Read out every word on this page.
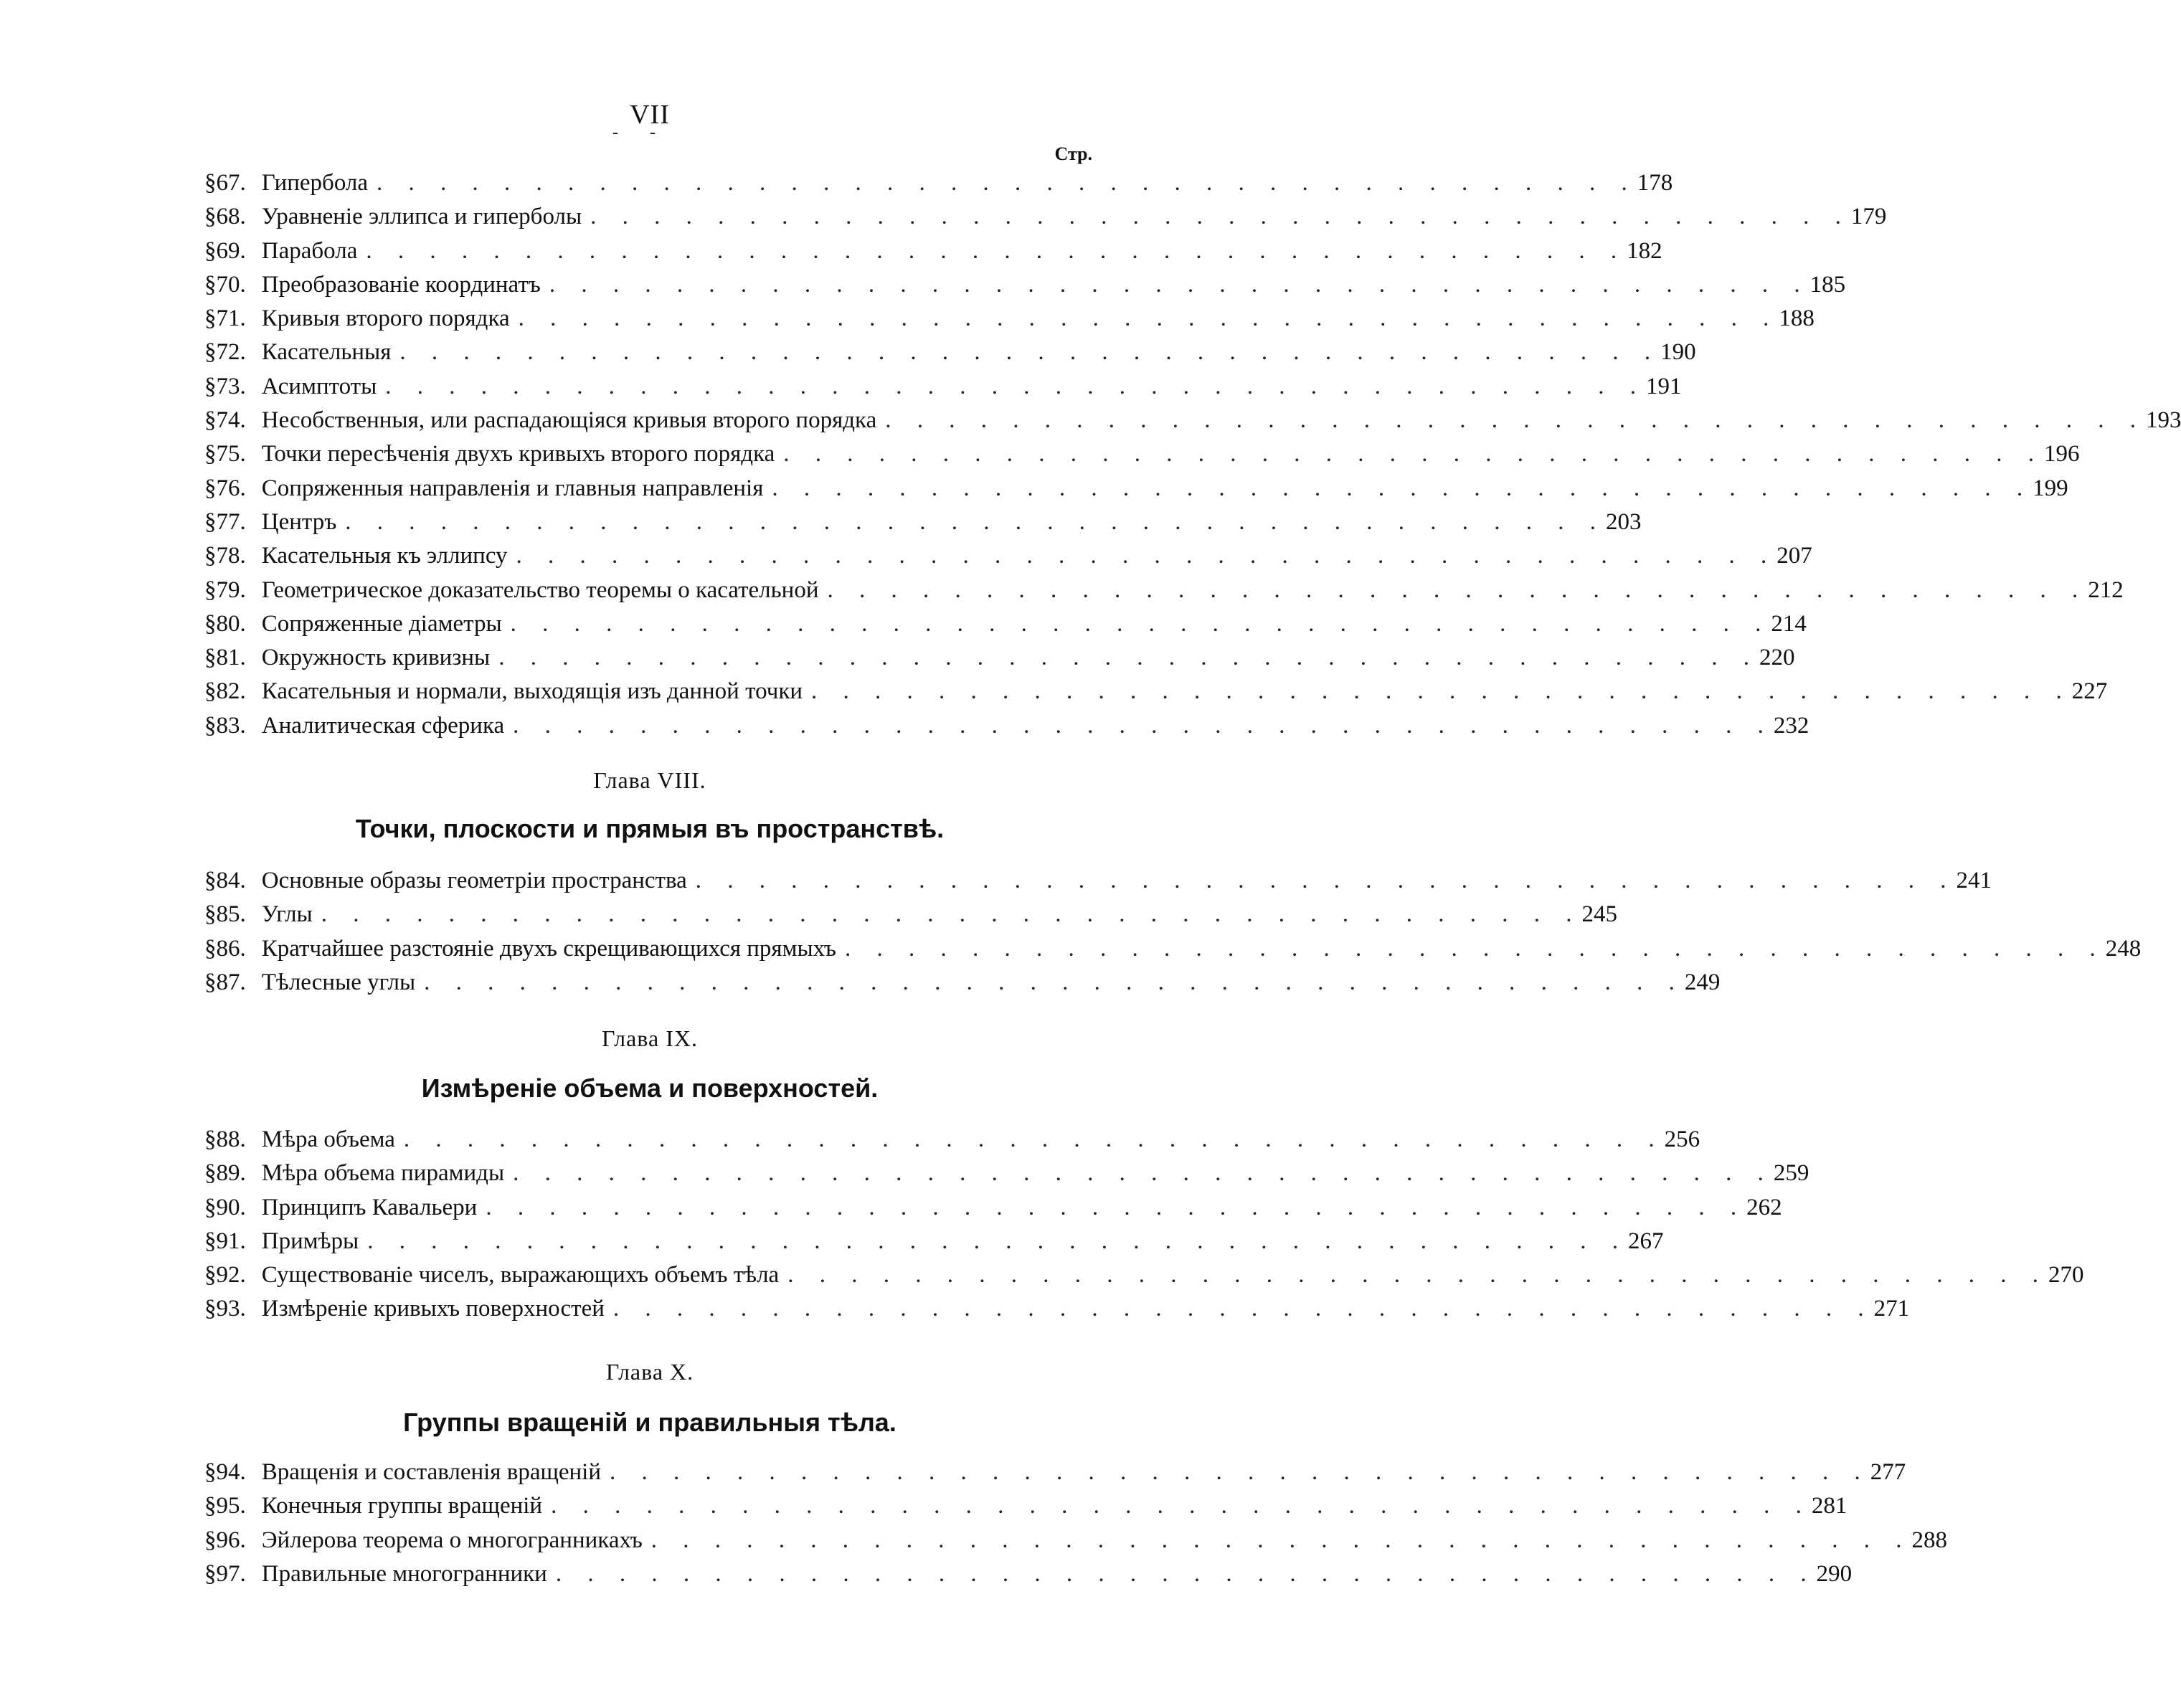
VII
‐‐
Стр.
§ 67. Гипербола . . . . . . . . . . . . . . . . . . . . . . . . . . . . . . . . . . . . . . . . 178
§ 68. Уравненiе эллипса и гиперболы . . . . . . . . . . . . . . . . . . . . . . . . . . . . . . . . . . . . . . . . 179
§ 69. Парабола . . . . . . . . . . . . . . . . . . . . . . . . . . . . . . . . . . . . . . . . 182
§ 70. Преобразованiе координатъ . . . . . . . . . . . . . . . . . . . . . . . . . . . . . . . . . . . . . . . . 185
§ 71. Кривыя второго порядка . . . . . . . . . . . . . . . . . . . . . . . . . . . . . . . . . . . . . . . . 188
§ 72. Касательныя . . . . . . . . . . . . . . . . . . . . . . . . . . . . . . . . . . . . . . . . 190
§ 73. Асимптоты . . . . . . . . . . . . . . . . . . . . . . . . . . . . . . . . . . . . . . . . 191
§ 74. Несобственныя, или распадающiяся кривыя второго порядка . . . . . . . . . . . . . . . . . . . . . . . . . . . . . . . . . . . . . . . . 193
§ 75. Точки пересѣченiя двухъ кривыхъ второго порядка . . . . . . . . . . . . . . . . . . . . . . . . . . . . . . . . . . . . . . . . 196
§ 76. Сопряженныя направленiя и главныя направленiя . . . . . . . . . . . . . . . . . . . . . . . . . . . . . . . . . . . . . . . . 199
§ 77. Центръ . . . . . . . . . . . . . . . . . . . . . . . . . . . . . . . . . . . . . . . . 203
§ 78. Касательныя къ эллипсу . . . . . . . . . . . . . . . . . . . . . . . . . . . . . . . . . . . . . . . . 207
§ 79. Геометрическое доказательство теоремы о касательной . . . . . . . . . . . . . . . . . . . . . . . . . . . . . . . . . . . . . . . . 212
§ 80. Сопряженные дiаметры . . . . . . . . . . . . . . . . . . . . . . . . . . . . . . . . . . . . . . . . 214
§ 81. Окружность кривизны . . . . . . . . . . . . . . . . . . . . . . . . . . . . . . . . . . . . . . . . 220
§ 82. Касательныя и нормали, выходящiя изъ данной точки . . . . . . . . . . . . . . . . . . . . . . . . . . . . . . . . . . . . . . . . 227
§ 83. Аналитическая сферика . . . . . . . . . . . . . . . . . . . . . . . . . . . . . . . . . . . . . . . . 232
Глава VIII.
Точки, плоскости и прямыя въ пространствѣ.
§ 84. Основные образы геометрiи пространства . . . . . . . . . . . . . . . . . . . . . . . . . . . . . . . . . . . . . . . . 241
§ 85. Углы . . . . . . . . . . . . . . . . . . . . . . . . . . . . . . . . . . . . . . . . 245
§ 86. Кратчайшее разстоянiе двухъ скрещивающихся прямыхъ . . . . . . . . . . . . . . . . . . . . . . . . . . . . . . . . . . . . . . . . 248
§ 87. Тѣлесные углы . . . . . . . . . . . . . . . . . . . . . . . . . . . . . . . . . . . . . . . . 249
Глава IX.
Измѣренiе объема и поверхностей.
§ 88. Мѣра объема . . . . . . . . . . . . . . . . . . . . . . . . . . . . . . . . . . . . . . . . 256
§ 89. Мѣра объема пирамиды . . . . . . . . . . . . . . . . . . . . . . . . . . . . . . . . . . . . . . . . 259
§ 90. Принципъ Кавальери . . . . . . . . . . . . . . . . . . . . . . . . . . . . . . . . . . . . . . . . 262
§ 91. Примѣры . . . . . . . . . . . . . . . . . . . . . . . . . . . . . . . . . . . . . . . . 267
§ 92. Существованiе чиселъ, выражающихъ объемъ тѣла . . . . . . . . . . . . . . . . . . . . . . . . . . . . . . . . . . . . . . . . 270
§ 93. Измѣренiе кривыхъ поверхностей . . . . . . . . . . . . . . . . . . . . . . . . . . . . . . . . . . . . . . . . 271
Глава X.
Группы вращенiй и правильныя тѣла.
§ 94. Вращенiя и составленiя вращенiй . . . . . . . . . . . . . . . . . . . . . . . . . . . . . . . . . . . . . . . . 277
§ 95. Конечныя группы вращенiй . . . . . . . . . . . . . . . . . . . . . . . . . . . . . . . . . . . . . . . . 281
§ 96. Эйлерова теорема о многогранникахъ . . . . . . . . . . . . . . . . . . . . . . . . . . . . . . . . . . . . . . . . 288
§ 97. Правильные многогранники . . . . . . . . . . . . . . . . . . . . . . . . . . . . . . . . . . . . . . . . 290
